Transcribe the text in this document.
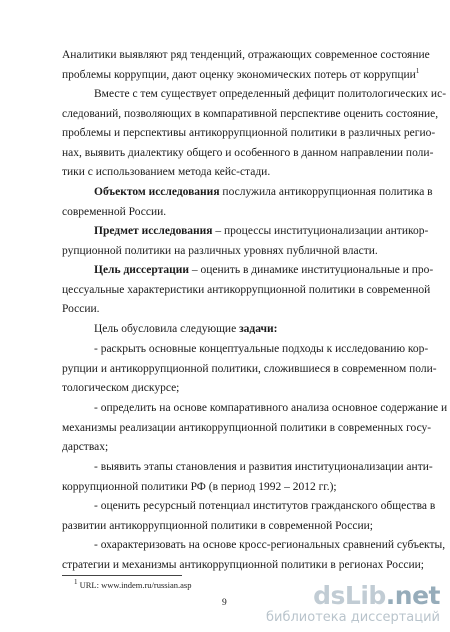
Аналитики выявляют ряд тенденций, отражающих современное состояние
проблемы коррупции, дают оценку экономических потерь от коррупции$^1$
Вместе с тем существует определенный дефицит политологических ис-
следований, позволяющих в компаративной перспективе оценить состояние,
проблемы и перспективы антикоррупционной политики в различных регио-
нах, выявить диалектику общего и особенного в данном направлении поли-
тики с использованием метода кейс-стади.
Объектом исследования послужила антикоррупционная политика в
современной России.
Предмет исследования – процессы институционализации антикор-
рупционной политики на различных уровнях публичной власти.
Цель диссертации – оценить в динамике институциональные и про-
цессуальные характеристики антикоррупционной политики в современной
России.
Цель обусловила следующие задачи:
- раскрыть основные концептуальные подходы к исследованию кор-
рупции и антикоррупционной политики, сложившиеся в современном поли-
тологическом дискурсе;
- определить на основе компаративного анализа основное содержание и
механизмы реализации антикоррупционной политики в современных госу-
дарствах;
- выявить этапы становления и развития институционализации анти-
коррупционной политики РФ (в период 1992 – 2012 гг.);
- оценить ресурсный потенциал институтов гражданского общества в
развитии антикоррупционной политики в современной России;
- охарактеризовать на основе кросс-региональных сравнений субъекты,
стратегии и механизмы антикоррупционной политики в регионах России;
$^1$ URL: www.indem.ru/russian.asp
9	dsLib.net
библиотека диссертаций
